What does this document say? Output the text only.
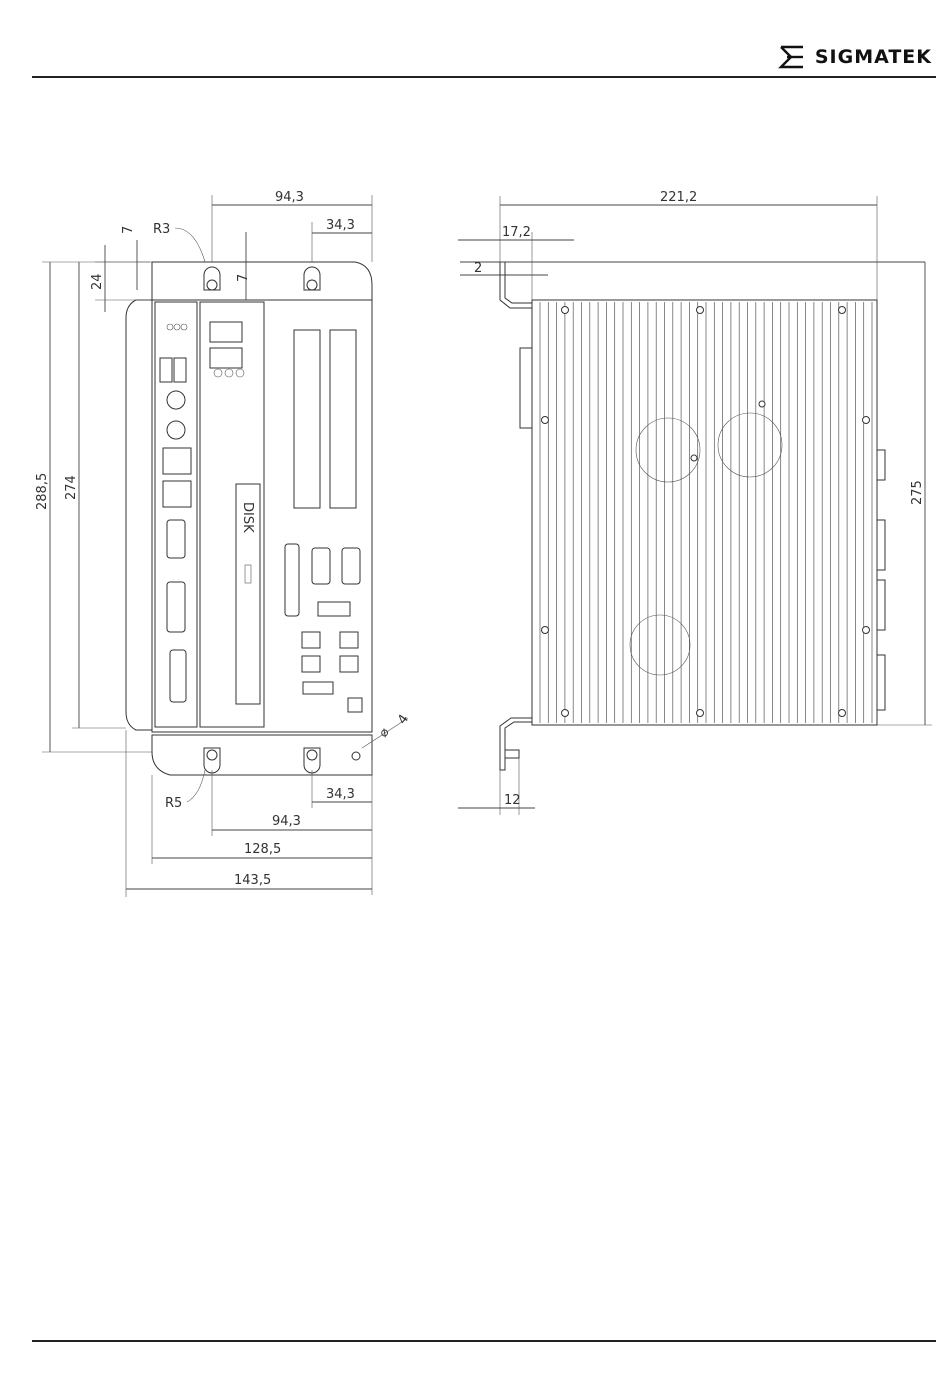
SIGMATEK
DISK
94,3
34,3
24
7
7
R3
R5
⌀
4
288,5 274
34,3
94,3
128,5
143,5
221,2
17,2
2
275
12
